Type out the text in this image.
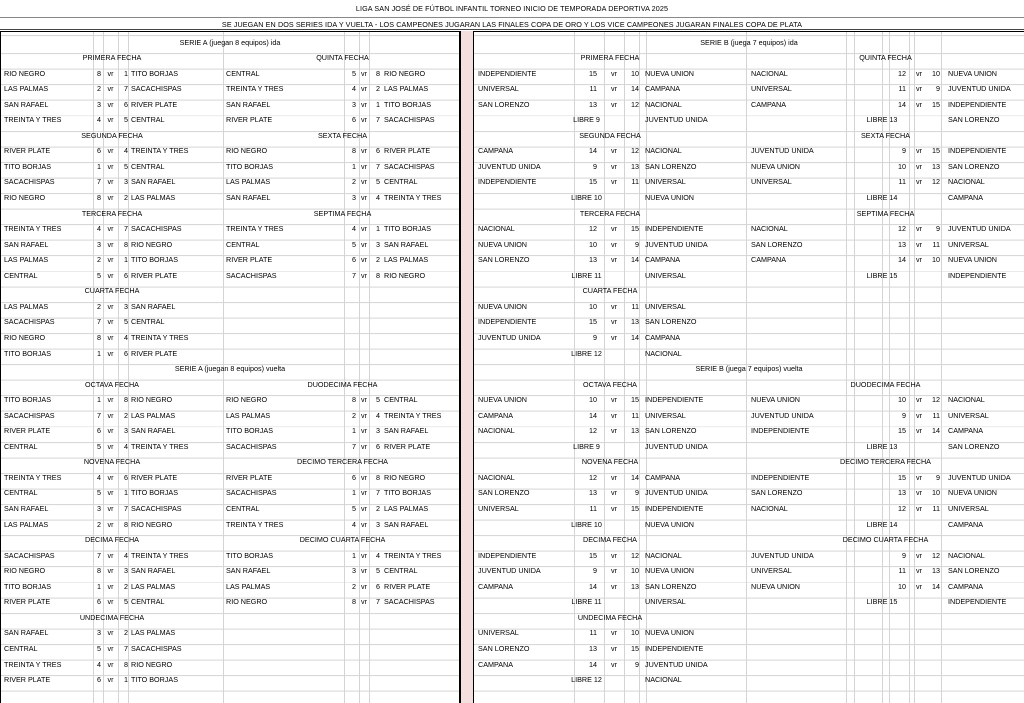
LIGA SAN JOSÉ DE FÚTBOL INFANTIL TORNEO INICIO DE TEMPORADA DEPORTIVA 2025
SE JUEGAN EN DOS SERIES IDA Y VUELTA - LOS CAMPEONES JUGARAN LAS FINALES COPA DE ORO Y LOS VICE CAMPEONES JUGARAN FINALES COPA DE PLATA
SERIE A (juegan 8 equipos) ida
PRIMERA FECHA
RIO NEGRO	8 vr	1 TITO BORJAS
LAS PALMAS	2 vr	7 SACACHISPAS
SAN RAFAEL	3 vr	6 RIVER PLATE
TREINTA Y TRES	4 vr	5 CENTRAL
QUINTA FECHA
CENTRAL	5 vr	8 RIO NEGRO
TREINTA Y TRES	4 vr	2 LAS PALMAS
SAN RAFAEL	3 vr	1 TITO BORJAS
RIVER PLATE	6 vr	7 SACACHISPAS
SEGUNDA FECHA
RIVER PLATE	6 vr	4 TREINTA Y TRES
TITO BORJAS	1 vr	5 CENTRAL
SACACHISPAS	7 vr	3 SAN RAFAEL
RIO NEGRO	8 vr	2 LAS PALMAS
SEXTA FECHA
RIO NEGRO	8 vr	6 RIVER PLATE
TITO BORJAS	1 vr	7 SACACHISPAS
LAS PALMAS	2 vr	5 CENTRAL
SAN RAFAEL	3 vr	4 TREINTA Y TRES
TERCERA FECHA
TREINTA Y TRES	4 vr	7 SACACHISPAS
SAN RAFAEL	3 vr	8 RIO NEGRO
LAS PALMAS	2 vr	1 TITO BORJAS
CENTRAL	5 vr	6 RIVER PLATE
SEPTIMA FECHA
TREINTA Y TRES	4 vr	1 TITO BORJAS
CENTRAL	5 vr	3 SAN RAFAEL
RIVER PLATE	6 vr	2 LAS PALMAS
SACACHISPAS	7 vr	8 RIO NEGRO
CUARTA FECHA
LAS PALMAS	2 vr	3 SAN RAFAEL
SACACHISPAS	7 vr	5 CENTRAL
RIO NEGRO	8 vr	4 TREINTA Y TRES
TITO BORJAS	1 vr	6 RIVER PLATE
SERIE A (juegan 8 equipos) vuelta
OCTAVA FECHA
TITO BORJAS	1 vr	8 RIO NEGRO
SACACHISPAS	7 vr	2 LAS PALMAS
RIVER PLATE	6 vr	3 SAN RAFAEL
CENTRAL	5 vr	4 TREINTA Y TRES
DUODECIMA FECHA
RIO NEGRO	8 vr	5 CENTRAL
LAS PALMAS	2 vr	4 TREINTA Y TRES
TITO BORJAS	1 vr	3 SAN RAFAEL
SACACHISPAS	7 vr	6 RIVER PLATE
NOVENA FECHA
TREINTA Y TRES	4 vr	6 RIVER PLATE
CENTRAL	5 vr	1 TITO BORJAS
SAN RAFAEL	3 vr	7 SACACHISPAS
LAS PALMAS	2 vr	8 RIO NEGRO
DECIMO TERCERA FECHA
RIVER PLATE	6 vr	8 RIO NEGRO
SACACHISPAS	1 vr	7 TITO BORJAS
CENTRAL	5 vr	2 LAS PALMAS
TREINTA Y TRES	4 vr	3 SAN RAFAEL
DECIMA FECHA
SACACHISPAS	7 vr	4 TREINTA Y TRES
RIO NEGRO	8 vr	3 SAN RAFAEL
TITO BORJAS	1 vr	2 LAS PALMAS
RIVER PLATE	6 vr	5 CENTRAL
DECIMO CUARTA FECHA
TITO BORJAS	1 vr	4 TREINTA Y TRES
SAN RAFAEL	3 vr	5 CENTRAL
LAS PALMAS	2 vr	6 RIVER PLATE
RIO NEGRO	8 vr	7 SACACHISPAS
UNDECIMA FECHA
SAN RAFAEL	3 vr	2 LAS PALMAS
CENTRAL	5 vr	7 SACACHISPAS
TREINTA Y TRES	4 vr	8 RIO NEGRO
RIVER PLATE	6 vr	1 TITO BORJAS
SERIE B (juega 7 equipos) ida
PRIMERA FECHA
INDEPENDIENTE	15	vr	10 NUEVA UNION
UNIVERSAL	11	vr	14 CAMPANA
SAN LORENZO	13	vr	12 NACIONAL
LIBRE 9	JUVENTUD UNIDA
QUINTA FECHA
NACIONAL	12	vr	10 NUEVA UNION
UNIVERSAL	11	vr	9 JUVENTUD UNIDA
CAMPANA	14	vr	15 INDEPENDIENTE
LIBRE 13	SAN LORENZO
SEGUNDA FECHA
CAMPANA	14	vr	12 NACIONAL
JUVENTUD UNIDA	9	vr	13 SAN LORENZO
INDEPENDIENTE	15	vr	11 UNIVERSAL
LIBRE 10	NUEVA UNION
SEXTA FECHA
JUVENTUD UNIDA	9	vr	15 INDEPENDIENTE
NUEVA UNION	10	vr	13 SAN LORENZO
UNIVERSAL	11	vr	12 NACIONAL
LIBRE 14	CAMPANA
TERCERA FECHA
NACIONAL	12	vr	15 INDEPENDIENTE
NUEVA UNION	10	vr	9 JUVENTUD UNIDA
SAN LORENZO	13	vr	14 CAMPANA
LIBRE 11	UNIVERSAL
SEPTIMA FECHA
NACIONAL	12	vr	9 JUVENTUD UNIDA
SAN LORENZO	13	vr	11 UNIVERSAL
CAMPANA	14	vr	10 NUEVA UNION
LIBRE 15	INDEPENDIENTE
CUARTA FECHA
NUEVA UNION	10	vr	11 UNIVERSAL
INDEPENDIENTE	15	vr	13 SAN LORENZO
JUVENTUD UNIDA	9	vr	14 CAMPANA
LIBRE 12	NACIONAL
SERIE B (juega 7 equipos) vuelta
OCTAVA FECHA
NUEVA UNION	10	vr	15 INDEPENDIENTE
CAMPANA	14	vr	11 UNIVERSAL
NACIONAL	12	vr	13 SAN LORENZO
LIBRE 9	JUVENTUD UNIDA
DUODECIMA FECHA
NUEVA UNION	10	vr	12 NACIONAL
JUVENTUD UNIDA	9	vr	11 UNIVERSAL
INDEPENDIENTE	15	vr	14 CAMPANA
LIBRE 13	SAN LORENZO
NOVENA FECHA
NACIONAL	12	vr	14 CAMPANA
SAN LORENZO	13	vr	9 JUVENTUD UNIDA
UNIVERSAL	11	vr	15 INDEPENDIENTE
LIBRE 10	NUEVA UNION
DECIMO TERCERA FECHA
INDEPENDIENTE	15	vr	9 JUVENTUD UNIDA
SAN LORENZO	13	vr	10 NUEVA UNION
NACIONAL	12	vr	11 UNIVERSAL
LIBRE 14	CAMPANA
DECIMA FECHA
INDEPENDIENTE	15	vr	12 NACIONAL
JUVENTUD UNIDA	9	vr	10 NUEVA UNION
CAMPANA	14	vr	13 SAN LORENZO
LIBRE 11	UNIVERSAL
DECIMO CUARTA FECHA
JUVENTUD UNIDA	9	vr	12 NACIONAL
UNIVERSAL	11	vr	13 SAN LORENZO
NUEVA UNION	10	vr	14 CAMPANA
LIBRE 15	INDEPENDIENTE
UNDECIMA FECHA
UNIVERSAL	11	vr	10 NUEVA UNION
SAN LORENZO	13	vr	15 INDEPENDIENTE
CAMPANA	14	vr	9 JUVENTUD UNIDA
LIBRE 12	NACIONAL
